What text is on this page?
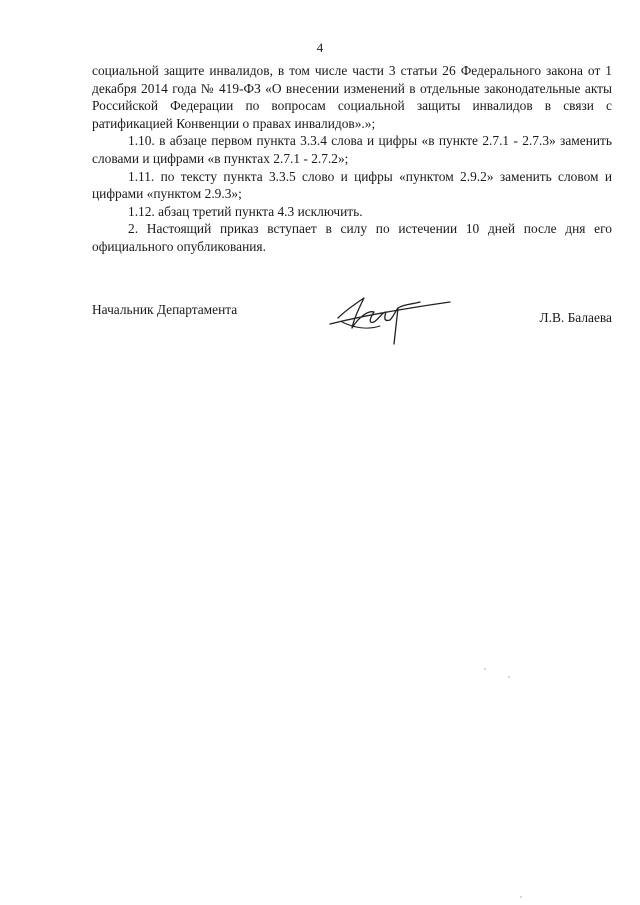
4

социальной защите инвалидов, в том числе части 3 статьи 26 Федерального закона от 1 декабря 2014 года № 419-ФЗ «О внесении изменений в отдельные законодательные акты Российской Федерации по вопросам социальной защиты инвалидов в связи с ратификацией Конвенции о правах инвалидов».»;

1.10. в абзаце первом пункта 3.3.4 слова и цифры «в пункте 2.7.1 - 2.7.3» заменить словами и цифрами «в пунктах 2.7.1 - 2.7.2»;

1.11. по тексту пункта 3.3.5 слово и цифры «пунктом 2.9.2» заменить словом и цифрами «пунктом 2.9.3»;

1.12. абзац третий пункта 4.3 исключить.

2. Настоящий приказ вступает в силу по истечении 10 дней после дня его официального опубликования.

Начальник Департамента
Л.В. Балаева
